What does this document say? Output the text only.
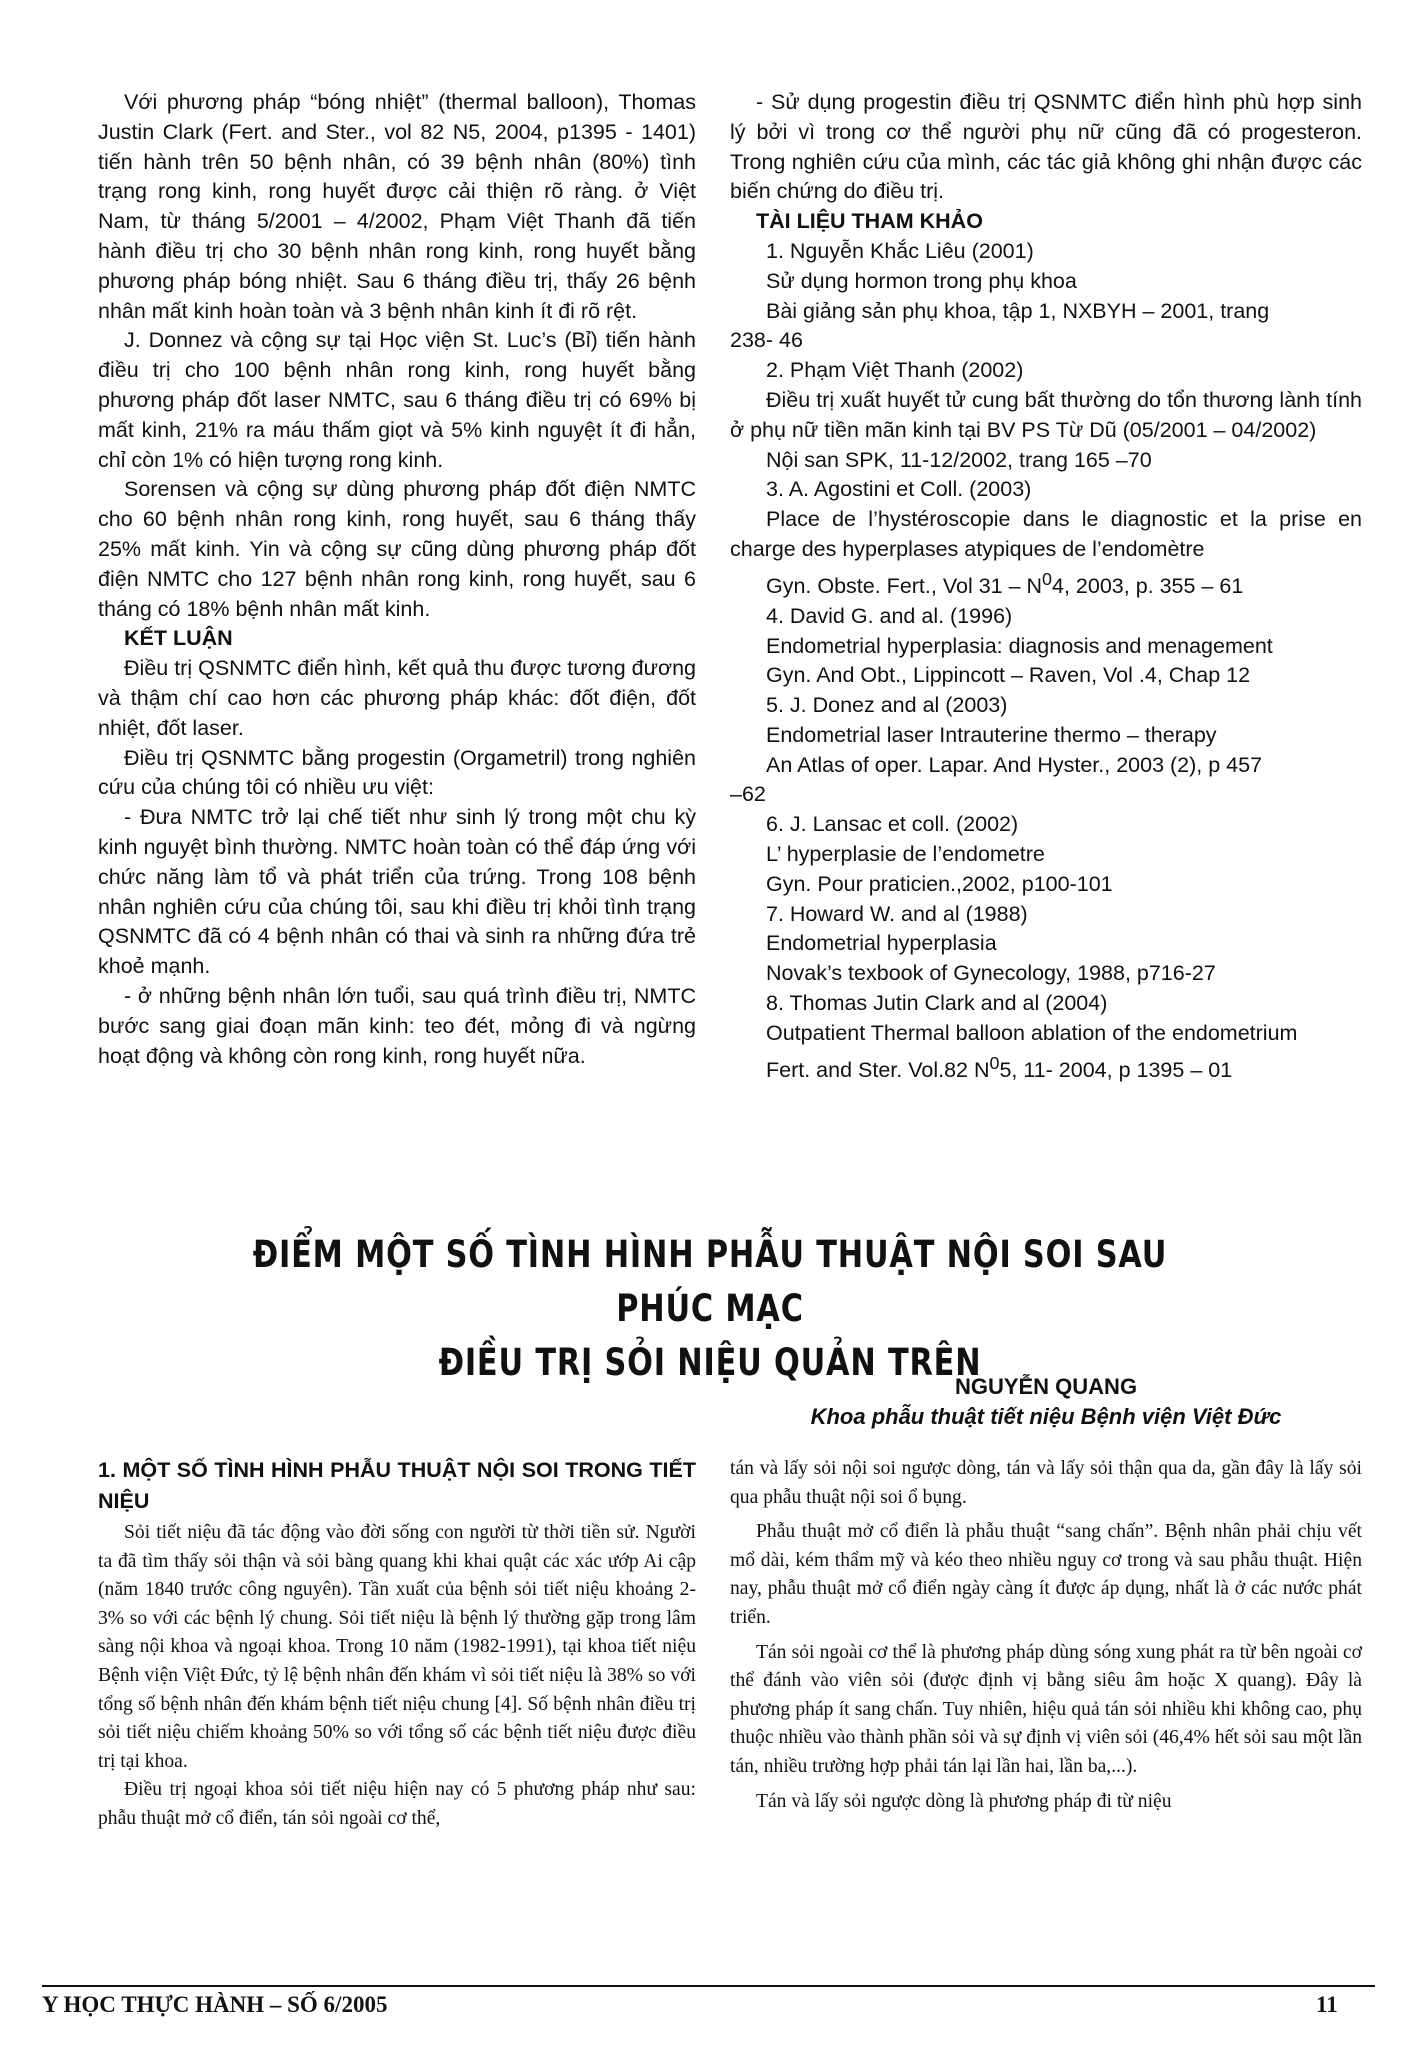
Với phương pháp “bóng nhiệt” (thermal balloon), Thomas Justin Clark (Fert. and Ster., vol 82 N5, 2004, p1395 - 1401) tiến hành trên 50 bệnh nhân, có 39 bệnh nhân (80%) tình trạng rong kinh, rong huyết được cải thiện rõ ràng. ở Việt Nam, từ tháng 5/2001 – 4/2002, Phạm Việt Thanh đã tiến hành điều trị cho 30 bệnh nhân rong kinh, rong huyết bằng phương pháp bóng nhiệt. Sau 6 tháng điều trị, thấy 26 bệnh nhân mất kinh hoàn toàn và 3 bệnh nhân kinh ít đi rõ rệt.

J. Donnez và cộng sự tại Học viện St. Luc’s (Bỉ) tiến hành điều trị cho 100 bệnh nhân rong kinh, rong huyết bằng phương pháp đốt laser NMTC, sau 6 tháng điều trị có 69% bị mất kinh, 21% ra máu thấm giọt và 5% kinh nguyệt ít đi hẳn, chỉ còn 1% có hiện tượng rong kinh.

Sorensen và cộng sự dùng phương pháp đốt điện NMTC cho 60 bệnh nhân rong kinh, rong huyết, sau 6 tháng thấy 25% mất kinh. Yin và cộng sự cũng dùng phương pháp đốt điện NMTC cho 127 bệnh nhân rong kinh, rong huyết, sau 6 tháng có 18% bệnh nhân mất kinh.

KẾT LUẬN

Điều trị QSNMTC điển hình, kết quả thu được tương đương và thậm chí cao hơn các phương pháp khác: đốt điện, đốt nhiệt, đốt laser.

Điều trị QSNMTC bằng progestin (Orgametril) trong nghiên cứu của chúng tôi có nhiều ưu việt:

- Đưa NMTC trở lại chế tiết như sinh lý trong một chu kỳ kinh nguyệt bình thường. NMTC hoàn toàn có thể đáp ứng với chức năng làm tổ và phát triển của trứng. Trong 108 bệnh nhân nghiên cứu của chúng tôi, sau khi điều trị khỏi tình trạng QSNMTC đã có 4 bệnh nhân có thai và sinh ra những đứa trẻ khoẻ mạnh.

- ở những bệnh nhân lớn tuổi, sau quá trình điều trị, NMTC bước sang giai đoạn mãn kinh: teo đét, mỏng đi và ngừng hoạt động và không còn rong kinh, rong huyết nữa.

- Sử dụng progestin điều trị QSNMTC điển hình phù hợp sinh lý bởi vì trong cơ thể người phụ nữ cũng đã có progesteron. Trong nghiên cứu của mình, các tác giả không ghi nhận được các biến chứng do điều trị.

TÀI LIỆU THAM KHẢO

1. Nguyễn Khắc Liêu (2001)

Sử dụng hormon trong phụ khoa

Bài giảng sản phụ khoa, tập 1, NXBYH – 2001, trang

238- 46

2. Phạm Việt Thanh (2002)

Điều trị xuất huyết tử cung bất thường do tổn thương lành tính ở phụ nữ tiền mãn kinh tại BV PS Từ Dũ (05/2001 – 04/2002)

Nội san SPK, 11-12/2002, trang 165 –70

3. A. Agostini et Coll. (2003)

Place de l’hystéroscopie dans le diagnostic et la prise en charge des hyperplases atypiques de l’endomètre

Gyn. Obste. Fert., Vol $31 - N^04$, 2003, p. 355 – 61

4. David G. and al. (1996)

Endometrial hyperplasia: diagnosis and menagement

Gyn. And Obt., Lippincott – Raven, Vol .4, Chap 12

5. J. Donez and al (2003)

Endometrial laser Intrauterine thermo – therapy

An Atlas of oper. Lapar. And Hyster., 2003 (2), p 457

–62

6. J. Lansac et coll. (2002)

L’ hyperplasie de l’endometre

Gyn. Pour praticien.,2002, p100-101

7. Howard W. and al (1988)

Endometrial hyperplasia

Novak’s texbook of Gynecology, 1988, p716-27

8. Thomas Jutin Clark and al (2004)

Outpatient Thermal balloon ablation of the endometrium

Fert. and Ster. Vol.82 $N^05$, 11- 2004, p 1395 – 01

ĐIỂM MỘT SỐ TÌNH HÌNH PHẪU THUẬT NỘI SOI SAU PHÚC MẠC
ĐIỀU TRỊ SỎI NIỆU QUẢN TRÊN
NGUYỄN QUANG
Khoa phẫu thuật tiết niệu Bệnh viện Việt Đức

1. MỘT SỐ TÌNH HÌNH PHẪU THUẬT NỘI SOI TRONG TIẾT NIỆU

Sỏi tiết niệu đã tác động vào đời sống con người từ thời tiền sử. Người ta đã tìm thấy sỏi thận và sỏi bàng quang khi khai quật các xác ướp Ai cập (năm 1840 trước công nguyên). Tần xuất của bệnh sỏi tiết niệu khoảng 2-3% so với các bệnh lý chung. Sỏi tiết niệu là bệnh lý thường gặp trong lâm sàng nội khoa và ngoại khoa. Trong 10 năm (1982-1991), tại khoa tiết niệu Bệnh viện Việt Đức, tỷ lệ bệnh nhân đến khám vì sỏi tiết niệu là 38% so với tổng số bệnh nhân đến khám bệnh tiết niệu chung [4]. Số bệnh nhân điều trị sỏi tiết niệu chiếm khoảng 50% so với tổng số các bệnh tiết niệu được điều trị tại khoa.

Điều trị ngoại khoa sỏi tiết niệu hiện nay có 5 phương pháp như sau: phẫu thuật mở cổ điển, tán sỏi ngoài cơ thể,

tán và lấy sỏi nội soi ngược dòng, tán và lấy sỏi thận qua da, gần đây là lấy sỏi qua phẫu thuật nội soi ổ bụng.

Phẫu thuật mở cổ điển là phẫu thuật “sang chấn”. Bệnh nhân phải chịu vết mổ dài, kém thẩm mỹ và kéo theo nhiều nguy cơ trong và sau phẫu thuật. Hiện nay, phẫu thuật mở cổ điển ngày càng ít được áp dụng, nhất là ở các nước phát triển.

Tán sỏi ngoài cơ thể là phương pháp dùng sóng xung phát ra từ bên ngoài cơ thể đánh vào viên sỏi (được định vị bằng siêu âm hoặc X quang). Đây là phương pháp ít sang chấn. Tuy nhiên, hiệu quả tán sỏi nhiều khi không cao, phụ thuộc nhiều vào thành phần sỏi và sự định vị viên sỏi (46,4% hết sỏi sau một lần tán, nhiều trường hợp phải tán lại lần hai, lần ba,...).

Tán và lấy sỏi ngược dòng là phương pháp đi từ niệu

Y HỌC THỰC HÀNH – SỐ 6/2005	11
